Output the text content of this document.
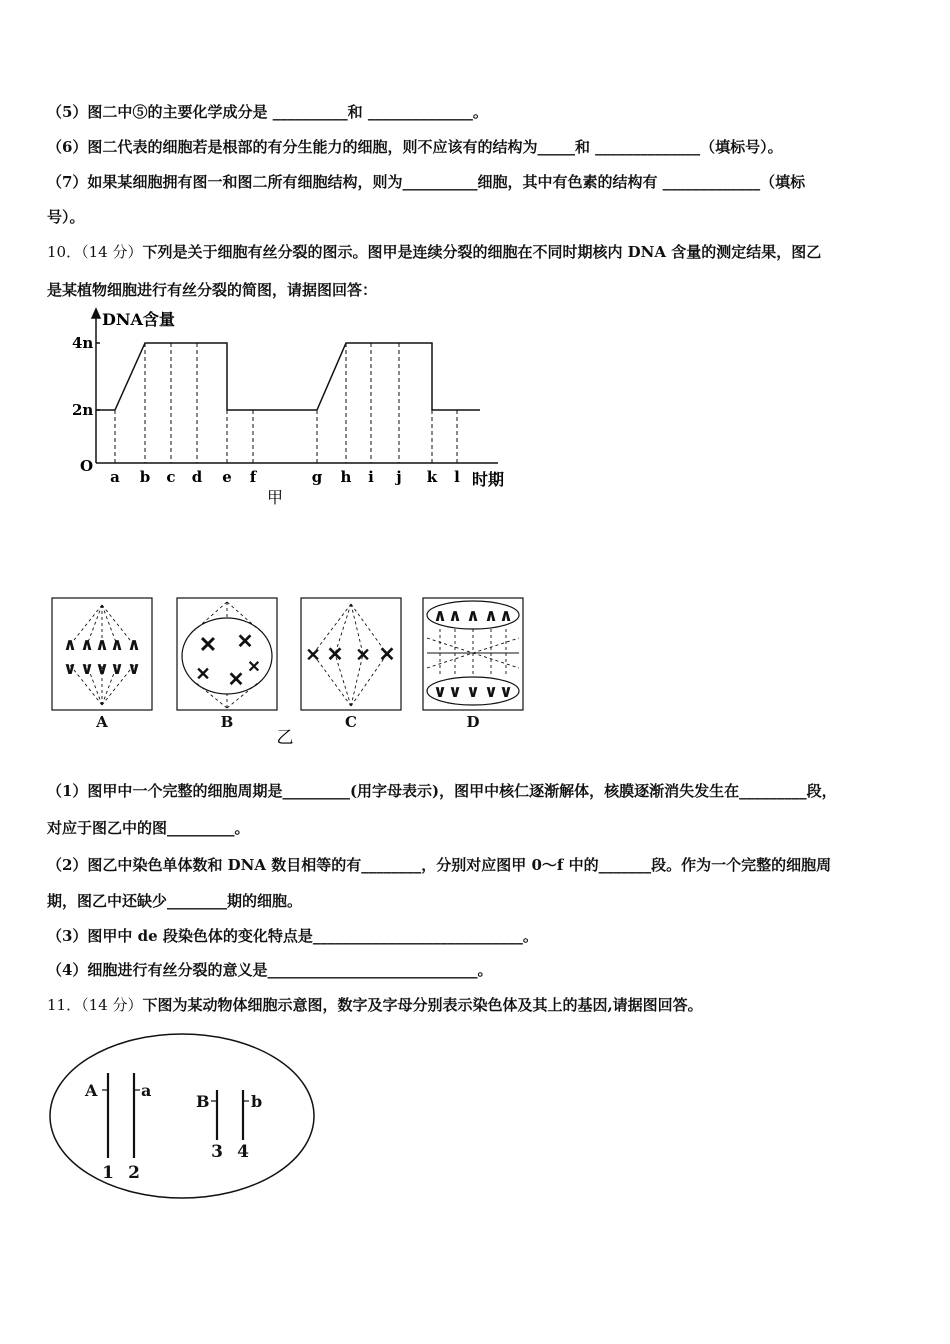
（5）图二中⑤的主要化学成分是 __________和 ______________。
（6）图二代表的细胞若是根部的有分生能力的细胞，则不应该有的结构为_____和 ______________（填标号）。
（7）如果某细胞拥有图一和图二所有细胞结构，则为__________细胞，其中有色素的结构有 _____________（填标
号）。
10．（14 分）下列是关于细胞有丝分裂的图示。图甲是连续分裂的细胞在不同时期核内 DNA 含量的测定结果，图乙
是某植物细胞进行有丝分裂的简图，请据图回答：
DNA含量
O
2n
4n
a b c d e f	g h i j k l 时期
甲
∧ ∧ ∧ ∧ ∧
∨ ∨ ∨ ∨ ∨
✕ ✕
✕ ✕
✕
✕ ✕ ✕ ✕
∧ ∧ ∧ ∧ ∧
∨ ∨ ∨ ∨ ∨
A	B	C	D
乙
（1）图甲中一个完整的细胞周期是_________(用字母表示)，图甲中核仁逐渐解体，核膜逐渐消失发生在_________段，
对应于图乙中的图_________。
（2）图乙中染色单体数和 DNA 数目相等的有________，分别对应图甲 0～f 中的_______段。作为一个完整的细胞周
期，图乙中还缺少________期的细胞。
（3）图甲中 de 段染色体的变化特点是____________________________。
（4）细胞进行有丝分裂的意义是____________________________。
11．（14 分）下图为某动物体细胞示意图，数字及字母分别表示染色体及其上的基因,请据图回答。
A	a
B	b
1 2
3 4
